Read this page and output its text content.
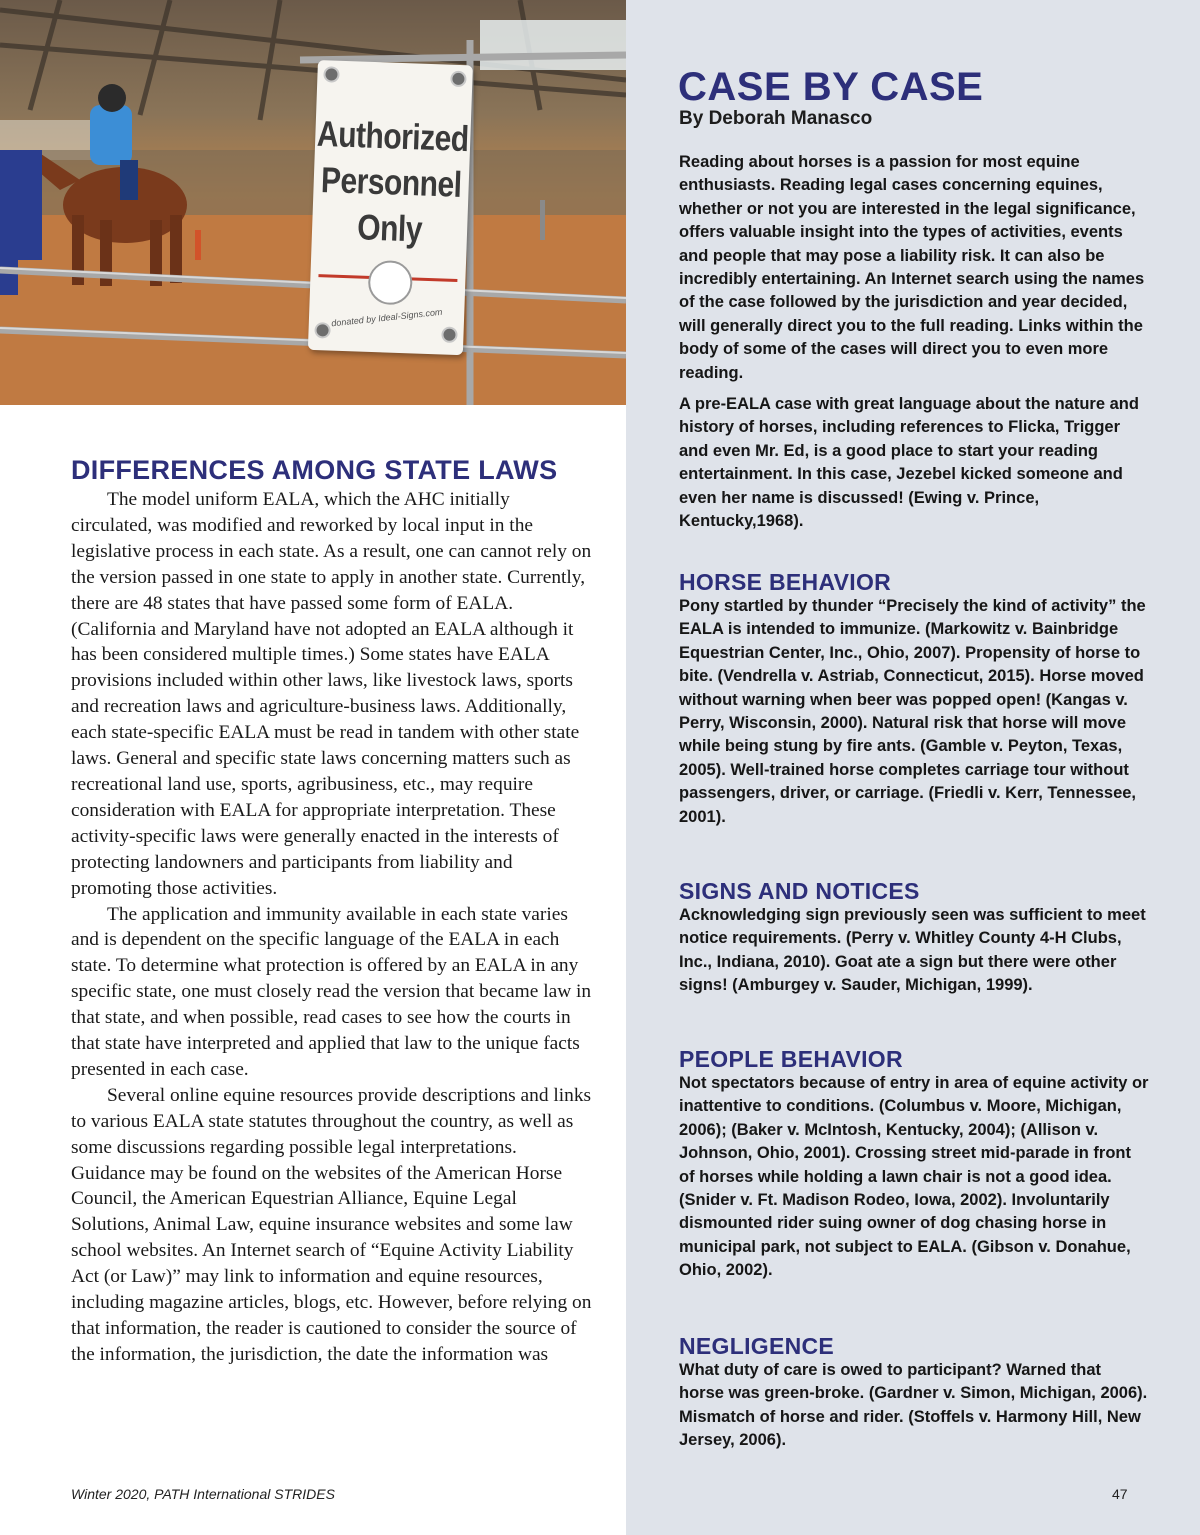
Authorized
Personnel
Only
donated by Ideal-Signs.com
DIFFERENCES AMONG STATE LAWS

The model uniform EALA, which the AHC initially circulated, was modified and reworked by local input in the legislative process in each state. As a result, one can cannot rely on the version passed in one state to apply in another state. Currently, there are 48 states that have passed some form of EALA. (California and Maryland have not adopted an EALA although it has been considered multiple times.) Some states have EALA provisions included within other laws, like livestock laws, sports and recreation laws and agriculture-business laws. Additionally, each state-specific EALA must be read in tandem with other state laws. General and specific state laws concerning matters such as recreational land use, sports, agribusiness, etc., may require consideration with EALA for appropriate interpretation. These activity-specific laws were generally enacted in the interests of protecting landowners and participants from liability and promoting those activities.

The application and immunity available in each state varies and is dependent on the specific language of the EALA in each state. To determine what protection is offered by an EALA in any specific state, one must closely read the version that became law in that state, and when possible, read cases to see how the courts in that state have interpreted and applied that law to the unique facts presented in each case.

Several online equine resources provide descriptions and links to various EALA state statutes throughout the country, as well as some discussions regarding possible legal interpretations. Guidance may be found on the websites of the American Horse Council, the American Equestrian Alliance, Equine Legal Solutions, Animal Law, equine insurance websites and some law school websites. An Internet search of “Equine Activity Liability Act (or Law)” may link to information and equine resources, including magazine articles, blogs, etc. However, before relying on that information, the reader is cautioned to consider the source of the information, the jurisdiction, the date the information was

CASE BY CASE

By Deborah Manasco

Reading about horses is a passion for most equine enthusiasts. Reading legal cases concerning equines, whether or not you are interested in the legal significance, offers valuable insight into the types of activities, events and people that may pose a liability risk. It can also be incredibly entertaining. An Internet search using the names of the case followed by the jurisdiction and year decided, will generally direct you to the full reading. Links within the body of some of the cases will direct you to even more reading.

A pre-EALA case with great language about the nature and history of horses, including references to Flicka, Trigger and even Mr. Ed, is a good place to start your reading entertainment. In this case, Jezebel kicked someone and even her name is discussed! (Ewing v. Prince, Kentucky,1968).

HORSE BEHAVIOR

Pony startled by thunder “Precisely the kind of activity” the EALA is intended to immunize. (Markowitz v. Bainbridge Equestrian Center, Inc., Ohio, 2007). Propensity of horse to bite. (Vendrella v. Astriab, Connecticut, 2015). Horse moved without warning when beer was popped open! (Kangas v. Perry, Wisconsin, 2000). Natural risk that horse will move while being stung by fire ants. (Gamble v. Peyton, Texas, 2005). Well-trained horse completes carriage tour without passengers, driver, or carriage. (Friedli v. Kerr, Tennessee, 2001).

SIGNS AND NOTICES

Acknowledging sign previously seen was sufficient to meet notice requirements. (Perry v. Whitley County 4-H Clubs, Inc., Indiana, 2010). Goat ate a sign but there were other signs! (Amburgey v. Sauder, Michigan, 1999).

PEOPLE BEHAVIOR

Not spectators because of entry in area of equine activity or inattentive to conditions. (Columbus v. Moore, Michigan, 2006); (Baker v. McIntosh, Kentucky, 2004); (Allison v. Johnson, Ohio, 2001). Crossing street mid-parade in front of horses while holding a lawn chair is not a good idea. (Snider v. Ft. Madison Rodeo, Iowa, 2002). Involuntarily dismounted rider suing owner of dog chasing horse in municipal park, not subject to EALA. (Gibson v. Donahue, Ohio, 2002).

NEGLIGENCE

What duty of care is owed to participant? Warned that horse was green-broke. (Gardner v. Simon, Michigan, 2006). Mismatch of horse and rider. (Stoffels v. Harmony Hill, New Jersey, 2006).

Winter 2020, PATH International STRIDES	47
